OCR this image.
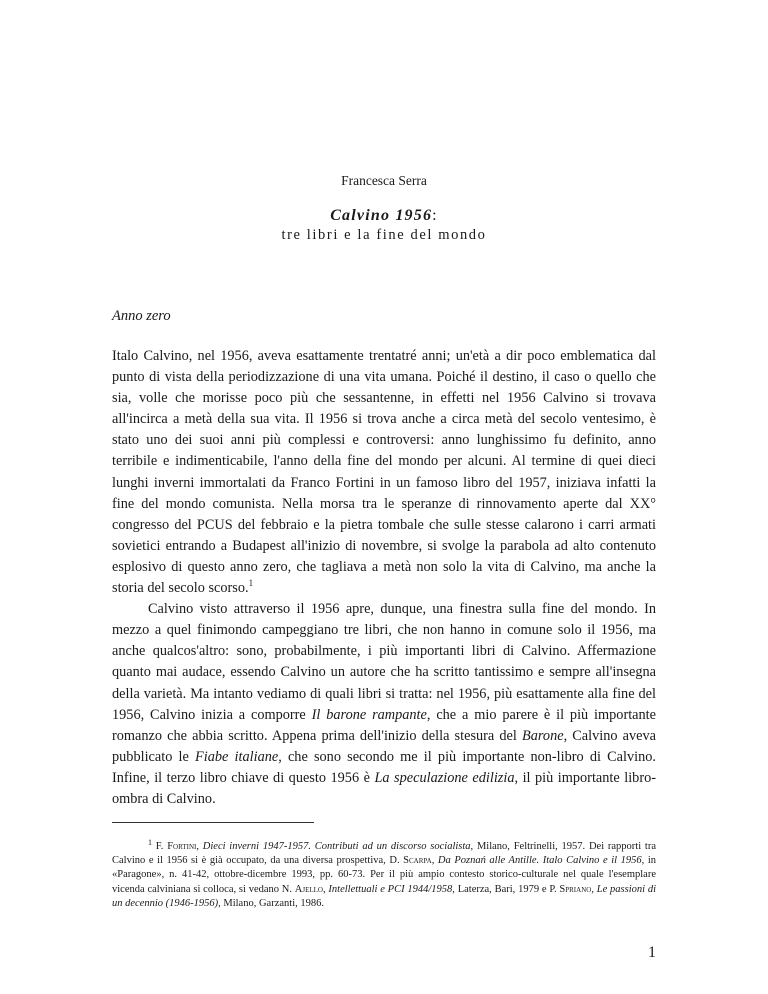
Francesca Serra
Calvino 1956:
tre libri e la fine del mondo
Anno zero

Italo Calvino, nel 1956, aveva esattamente trentatré anni; un'età a dir poco emblematica dal punto di vista della periodizzazione di una vita umana. Poiché il destino, il caso o quello che sia, volle che morisse poco più che sessantenne, in effetti nel 1956 Calvino si trovava all'incirca a metà della sua vita. Il 1956 si trova anche a circa metà del secolo ventesimo, è stato uno dei suoi anni più complessi e controversi: anno lunghissimo fu definito, anno terribile e indimenticabile, l'anno della fine del mondo per alcuni. Al termine di quei dieci lunghi inverni immortalati da Franco Fortini in un famoso libro del 1957, iniziava infatti la fine del mondo comunista. Nella morsa tra le speranze di rinnovamento aperte dal XX° congresso del PCUS del febbraio e la pietra tombale che sulle stesse calarono i carri armati sovietici entrando a Budapest all'inizio di novembre, si svolge la parabola ad alto contenuto esplosivo di questo anno zero, che tagliava a metà non solo la vita di Calvino, ma anche la storia del secolo scorso.$^1$

Calvino visto attraverso il 1956 apre, dunque, una finestra sulla fine del mondo. In mezzo a quel finimondo campeggiano tre libri, che non hanno in comune solo il 1956, ma anche qualcos'altro: sono, probabilmente, i più importanti libri di Calvino. Affermazione quanto mai audace, essendo Calvino un autore che ha scritto tantissimo e sempre all'insegna della varietà. Ma intanto vediamo di quali libri si tratta: nel 1956, più esattamente alla fine del 1956, Calvino inizia a comporre Il barone rampante, che a mio parere è il più importante romanzo che abbia scritto. Appena prima dell'inizio della stesura del Barone, Calvino aveva pubblicato le Fiabe italiane, che sono secondo me il più importante non-libro di Calvino. Infine, il terzo libro chiave di questo 1956 è La speculazione edilizia, il più importante libro-ombra di Calvino.

$^1$ F. Fortini, Dieci inverni 1947-1957. Contributi ad un discorso socialista, Milano, Feltrinelli, 1957. Dei rapporti tra Calvino e il 1956 si è già occupato, da una diversa prospettiva, D. Scarpa, Da Poznań alle Antille. Italo Calvino e il 1956, in «Paragone», n. 41-42, ottobre-dicembre 1993, pp. 60-73. Per il più ampio contesto storico-culturale nel quale l'esemplare vicenda calviniana si colloca, si vedano N. Ajello, Intellettuali e PCI 1944/1958, Laterza, Bari, 1979 e P. Spriano, Le passioni di un decennio (1946-1956), Milano, Garzanti, 1986.
1
